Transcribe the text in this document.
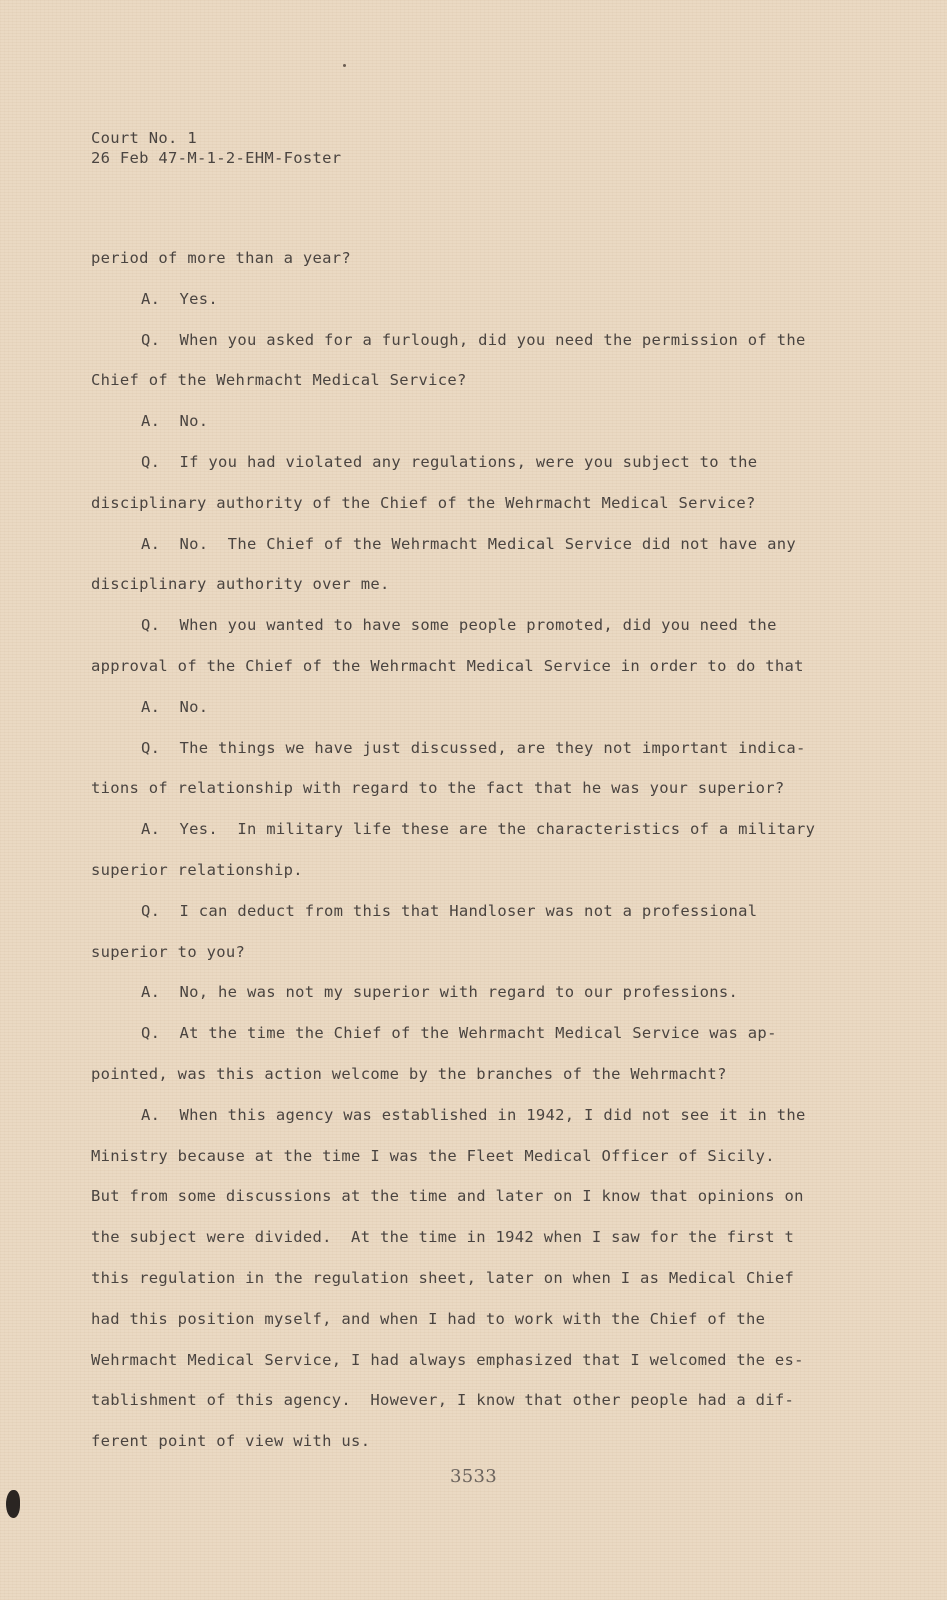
Court No. 1
26 Feb 47-M-1-2-EHM-Foster
period of more than a year?
A.  Yes.
Q.  When you asked for a furlough, did you need the permission of the
Chief of the Wehrmacht Medical Service?
A.  No.
Q.  If you had violated any regulations, were you subject to the
disciplinary authority of the Chief of the Wehrmacht Medical Service?
A.  No.  The Chief of the Wehrmacht Medical Service did not have any
disciplinary authority over me.
Q.  When you wanted to have some people promoted, did you need the
approval of the Chief of the Wehrmacht Medical Service in order to do that
A.  No.
Q.  The things we have just discussed, are they not important indica-
tions of relationship with regard to the fact that he was your superior?
A.  Yes.  In military life these are the characteristics of a military
superior relationship.
Q.  I can deduct from this that Handloser was not a professional
superior to you?
A.  No, he was not my superior with regard to our professions.
Q.  At the time the Chief of the Wehrmacht Medical Service was ap-
pointed, was this action welcome by the branches of the Wehrmacht?
A.  When this agency was established in 1942, I did not see it in the
Ministry because at the time I was the Fleet Medical Officer of Sicily.
But from some discussions at the time and later on I know that opinions on
the subject were divided.  At the time in 1942 when I saw for the first t
this regulation in the regulation sheet, later on when I as Medical Chief
had this position myself, and when I had to work with the Chief of the
Wehrmacht Medical Service, I had always emphasized that I welcomed the es-
tablishment of this agency.  However, I know that other people had a dif-
ferent point of view with us.
3533
